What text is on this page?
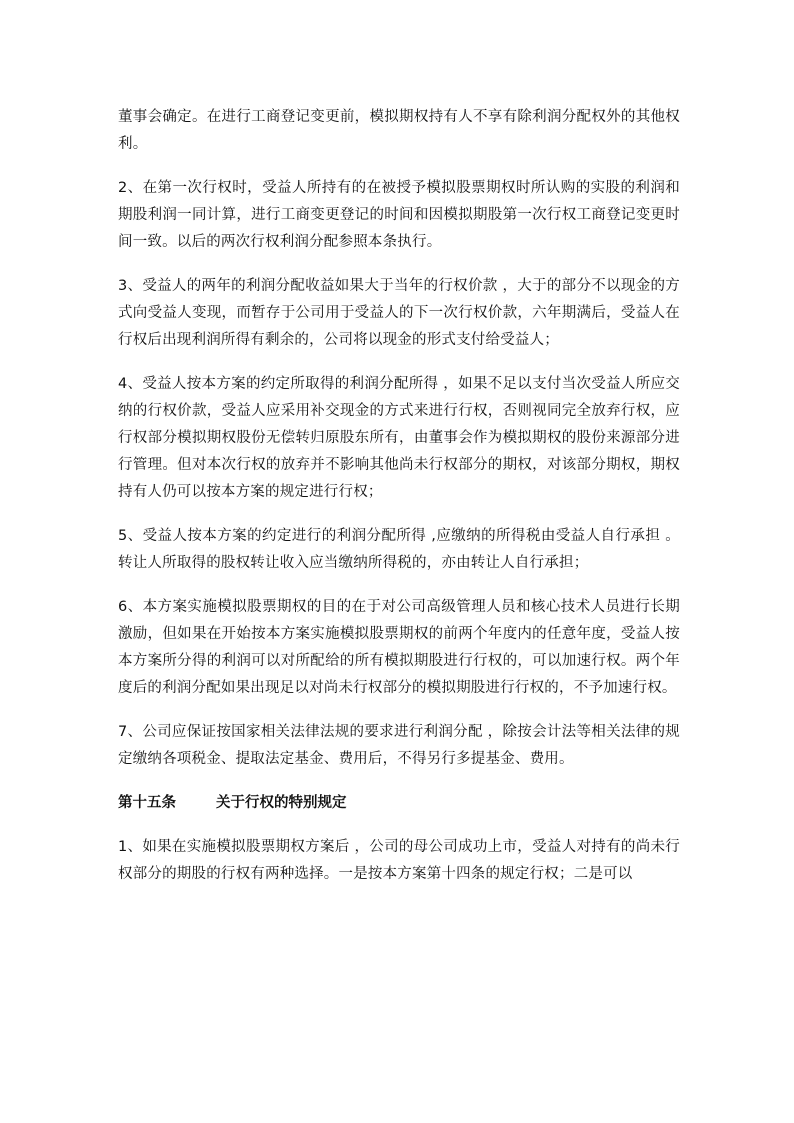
董事会确定。在进行工商登记变更前，模拟期权持有人不享有除利润分配权外的其他权利。

2、在第一次行权时，受益人所持有的在被授予模拟股票期权时所认购的实股的利润和期股利润一同计算，进行工商变更登记的时间和因模拟期股第一次行权工商登记变更时间一致。以后的两次行权利润分配参照本条执行。

3、受益人的两年的利润分配收益如果大于当年的行权价款 ，大于的部分不以现金的方式向受益人变现，而暂存于公司用于受益人的下一次行权价款，六年期满后，受益人在行权后出现利润所得有剩余的，公司将以现金的形式支付给受益人；

4、受益人按本方案的约定所取得的利润分配所得 ，如果不足以支付当次受益人所应交纳的行权价款，受益人应采用补交现金的方式来进行行权，否则视同完全放弃行权，应行权部分模拟期权股份无偿转归原股东所有，由董事会作为模拟期权的股份来源部分进行管理。但对本次行权的放弃并不影响其他尚未行权部分的期权，对该部分期权，期权持有人仍可以按本方案的规定进行行权；

5、受益人按本方案的约定进行的利润分配所得 ,应缴纳的所得税由受益人自行承担 。转让人所取得的股权转让收入应当缴纳所得税的，亦由转让人自行承担；

6、本方案实施模拟股票期权的目的在于对公司高级管理人员和核心技术人员进行长期激励，但如果在开始按本方案实施模拟股票期权的前两个年度内的任意年度，受益人按本方案所分得的利润可以对所配给的所有模拟期股进行行权的，可以加速行权。两个年度后的利润分配如果出现足以对尚未行权部分的模拟期股进行行权的，不予加速行权。

7、公司应保证按国家相关法律法规的要求进行利润分配 ，除按会计法等相关法律的规定缴纳各项税金、提取法定基金、费用后，不得另行多提基金、费用。

第十五条	关于行权的特别规定

1、如果在实施模拟股票期权方案后 ，公司的母公司成功上市，受益人对持有的尚未行权部分的期股的行权有两种选择。一是按本方案第十四条的规定行权；二是可以
